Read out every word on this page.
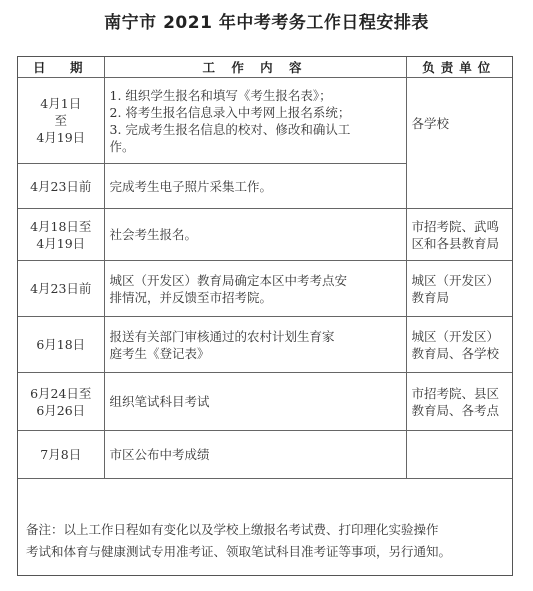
南宁市 2021 年中考考务工作日程安排表
日　期	工 作 内 容	负责单位

4月1日
至
4月19日	1. 组织学生报名和填写《考生报名表》；
2. 将考生报名信息录入中考网上报名系统；
3. 完成考生报名信息的校对、修改和确认工
作。	各学校

4月23日前	完成考生电子照片采集工作。	

4月18日至
4月19日	社会考生报名。	市招考院、武鸣
区和各县教育局

4月23日前	城区（开发区）教育局确定本区中考考点安
排情况，并反馈至市招考院。	城区（开发区）
教育局

6月18日	报送有关部门审核通过的农村计划生育家
庭考生《登记表》	城区（开发区）
教育局、各学校

6月24日至
6月26日	组织笔试科目考试	市招考院、县区
教育局、各考点

7月8日	市区公布中考成绩	

备注：以上工作日程如有变化以及学校上缴报名考试费、打印理化实验操作
考试和体育与健康测试专用准考证、领取笔试科目准考证等事项，另行通知。
